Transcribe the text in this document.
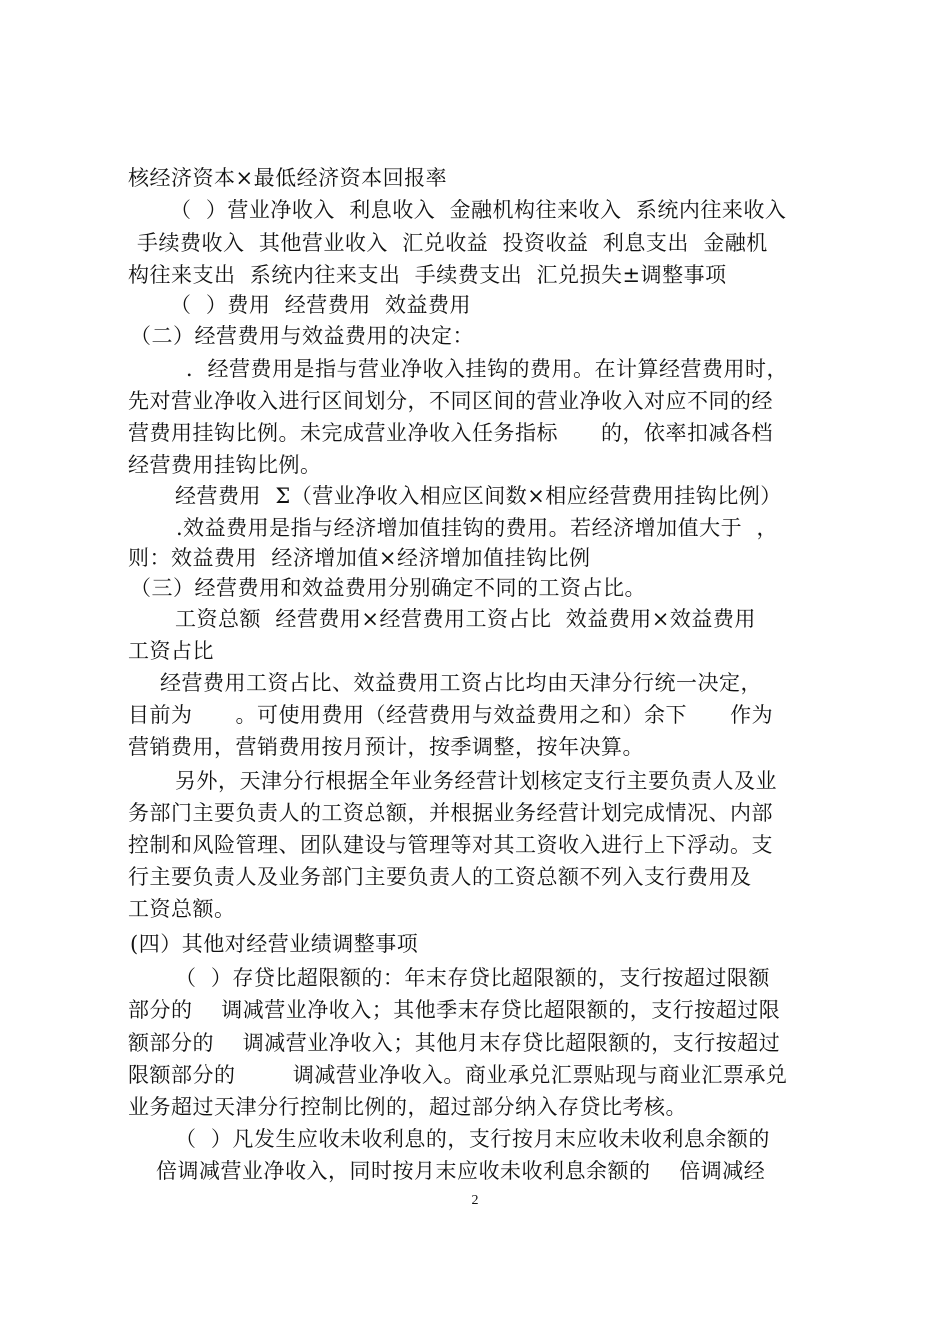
核经济资本×最低经济资本回报率
（  ）营业净收入  利息收入  金融机构往来收入  系统内往来收入
手续费收入  其他营业收入  汇兑收益  投资收益  利息支出  金融机
构往来支出  系统内往来支出  手续费支出  汇兑损失±调整事项
（  ）费用  经营费用  效益费用
（二）经营费用与效益费用的决定：
．经营费用是指与营业净收入挂钩的费用。在计算经营费用时，
先对营业净收入进行区间划分，不同区间的营业净收入对应不同的经
营费用挂钩比例。未完成营业净收入任务指标      的，依率扣减各档
经营费用挂钩比例。
经营费用  Σ（营业净收入相应区间数×相应经营费用挂钩比例）
.效益费用是指与经济增加值挂钩的费用。若经济增加值大于  ，
则：效益费用  经济增加值×经济增加值挂钩比例
（三）经营费用和效益费用分别确定不同的工资占比。
工资总额  经营费用×经营费用工资占比  效益费用×效益费用
工资占比
经营费用工资占比、效益费用工资占比均由天津分行统一决定，
目前为      。可使用费用（经营费用与效益费用之和）余下      作为
营销费用，营销费用按月预计，按季调整，按年决算。
另外，天津分行根据全年业务经营计划核定支行主要负责人及业
务部门主要负责人的工资总额，并根据业务经营计划完成情况、内部
控制和风险管理、团队建设与管理等对其工资收入进行上下浮动。支
行主要负责人及业务部门主要负责人的工资总额不列入支行费用及
工资总额。
(四）其他对经营业绩调整事项
（  ）存贷比超限额的：年末存贷比超限额的，支行按超过限额
部分的    调减营业净收入；其他季末存贷比超限额的，支行按超过限
额部分的    调减营业净收入；其他月末存贷比超限额的，支行按超过
限额部分的        调减营业净收入。商业承兑汇票贴现与商业汇票承兑
业务超过天津分行控制比例的，超过部分纳入存贷比考核。
（  ）凡发生应收未收利息的，支行按月末应收未收利息余额的
倍调减营业净收入，同时按月末应收未收利息余额的    倍调减经
2
